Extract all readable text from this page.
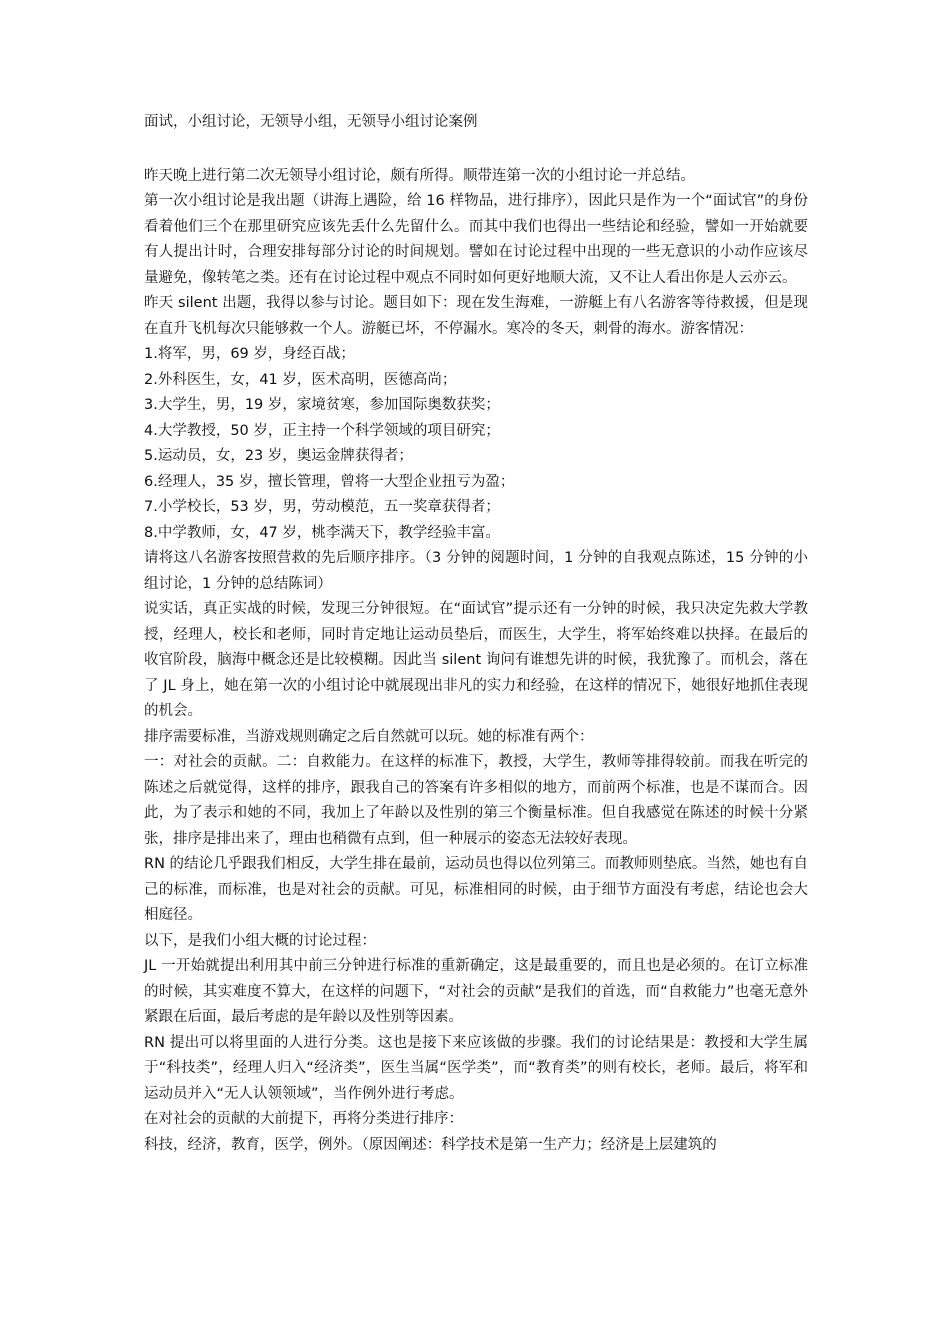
面试，小组讨论，无领导小组，无领导小组讨论案例

昨天晚上进行第二次无领导小组讨论，颇有所得。顺带连第一次的小组讨论一并总结。

第一次小组讨论是我出题（讲海上遇险，给 16 样物品，进行排序），因此只是作为一个“面试官”的身份看着他们三个在那里研究应该先丢什么先留什么。而其中我们也得出一些结论和经验，譬如一开始就要有人提出计时，合理安排每部分讨论的时间规划。譬如在讨论过程中出现的一些无意识的小动作应该尽量避免，像转笔之类。还有在讨论过程中观点不同时如何更好地顺大流，又不让人看出你是人云亦云。

昨天 silent 出题，我得以参与讨论。题目如下：现在发生海难，一游艇上有八名游客等待救援，但是现在直升飞机每次只能够救一个人。游艇已坏，不停漏水。寒冷的冬天，刺骨的海水。游客情况：

1.将军，男，69 岁，身经百战；

2.外科医生，女，41 岁，医术高明，医德高尚；

3.大学生，男，19 岁，家境贫寒，参加国际奥数获奖；

4.大学教授，50 岁，正主持一个科学领域的项目研究；

5.运动员，女，23 岁，奥运金牌获得者；

6.经理人，35 岁，擅长管理，曾将一大型企业扭亏为盈；

7.小学校长，53 岁，男，劳动模范，五一奖章获得者；

8.中学教师，女，47 岁，桃李满天下，教学经验丰富。

请将这八名游客按照营救的先后顺序排序。（3 分钟的阅题时间，1 分钟的自我观点陈述，15 分钟的小组讨论，1 分钟的总结陈词）

说实话，真正实战的时候，发现三分钟很短。在“面试官”提示还有一分钟的时候，我只决定先救大学教授，经理人，校长和老师，同时肯定地让运动员垫后，而医生，大学生，将军始终难以抉择。在最后的收官阶段，脑海中概念还是比较模糊。因此当 silent 询问有谁想先讲的时候，我犹豫了。而机会，落在了 JL 身上，她在第一次的小组讨论中就展现出非凡的实力和经验，在这样的情况下，她很好地抓住表现的机会。

排序需要标准，当游戏规则确定之后自然就可以玩。她的标准有两个：

一：对社会的贡献。二：自救能力。在这样的标准下，教授，大学生，教师等排得较前。而我在听完的陈述之后就觉得，这样的排序，跟我自己的答案有许多相似的地方，而前两个标准，也是不谋而合。因此，为了表示和她的不同，我加上了年龄以及性别的第三个衡量标准。但自我感觉在陈述的时候十分紧张，排序是排出来了，理由也稍微有点到，但一种展示的姿态无法较好表现。

RN 的结论几乎跟我们相反，大学生排在最前，运动员也得以位列第三。而教师则垫底。当然，她也有自己的标准，而标准，也是对社会的贡献。可见，标准相同的时候，由于细节方面没有考虑，结论也会大相庭径。

以下，是我们小组大概的讨论过程：

JL 一开始就提出利用其中前三分钟进行标准的重新确定，这是最重要的，而且也是必须的。在订立标准的时候，其实难度不算大，在这样的问题下，“对社会的贡献”是我们的首选，而“自救能力”也毫无意外紧跟在后面，最后考虑的是年龄以及性别等因素。

RN 提出可以将里面的人进行分类。这也是接下来应该做的步骤。我们的讨论结果是：教授和大学生属于“科技类”，经理人归入“经济类”，医生当属“医学类”，而“教育类”的则有校长，老师。最后，将军和运动员并入“无人认领领域”，当作例外进行考虑。

在对社会的贡献的大前提下，再将分类进行排序：

科技，经济，教育，医学，例外。（原因阐述：科学技术是第一生产力；经济是上层建筑的
